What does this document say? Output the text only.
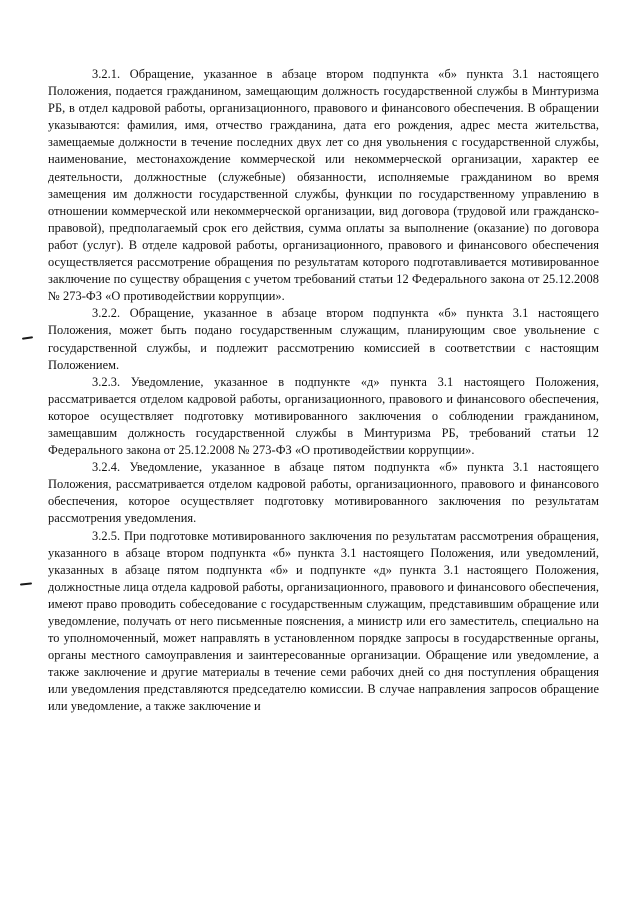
3.2.1. Обращение, указанное в абзаце втором подпункта «б» пункта 3.1 настоящего Положения, подается гражданином, замещающим должность государственной службы в Минтуризма РБ, в отдел кадровой работы, организационного, правового и финансового обеспечения. В обращении указываются: фамилия, имя, отчество гражданина, дата его рождения, адрес места жительства, замещаемые должности в течение последних двух лет со дня увольнения с государственной службы, наименование, местонахождение коммерческой или некоммерческой организации, характер ее деятельности, должностные (служебные) обязанности, исполняемые гражданином во время замещения им должности государственной службы, функции по государственному управлению в отношении коммерческой или некоммерческой организации, вид договора (трудовой или гражданско-правовой), предполагаемый срок его действия, сумма оплаты за выполнение (оказание) по договора работ (услуг). В отделе кадровой работы, организационного, правового и финансового обеспечения осуществляется рассмотрение обращения по результатам которого подготавливается мотивированное заключение по существу обращения с учетом требований статьи 12 Федерального закона от 25.12.2008 № 273-ФЗ «О противодействии коррупции».

3.2.2. Обращение, указанное в абзаце втором подпункта «б» пункта 3.1 настоящего Положения, может быть подано государственным служащим, планирующим свое увольнение с государственной службы, и подлежит рассмотрению комиссией в соответствии с настоящим Положением.

3.2.3. Уведомление, указанное в подпункте «д» пункта 3.1 настоящего Положения, рассматривается отделом кадровой работы, организационного, правового и финансового обеспечения, которое осуществляет подготовку мотивированного заключения о соблюдении гражданином, замещавшим должность государственной службы в Минтуризма РБ, требований статьи 12 Федерального закона от 25.12.2008 № 273-ФЗ «О противодействии коррупции».

3.2.4. Уведомление, указанное в абзаце пятом подпункта «б» пункта 3.1 настоящего Положения, рассматривается отделом кадровой работы, организационного, правового и финансового обеспечения, которое осуществляет подготовку мотивированного заключения по результатам рассмотрения уведомления.

3.2.5. При подготовке мотивированного заключения по результатам рассмотрения обращения, указанного в абзаце втором подпункта «б» пункта 3.1 настоящего Положения, или уведомлений, указанных в абзаце пятом подпункта «б» и подпункте «д» пункта 3.1 настоящего Положения, должностные лица отдела кадровой работы, организационного, правового и финансового обеспечения, имеют право проводить собеседование с государственным служащим, представившим обращение или уведомление, получать от него письменные пояснения, а министр или его заместитель, специально на то уполномоченный, может направлять в установленном порядке запросы в государственные органы, органы местного самоуправления и заинтересованные организации. Обращение или уведомление, а также заключение и другие материалы в течение семи рабочих дней со дня поступления обращения или уведомления представляются председателю комиссии. В случае направления запросов обращение или уведомление, а также заключение и
